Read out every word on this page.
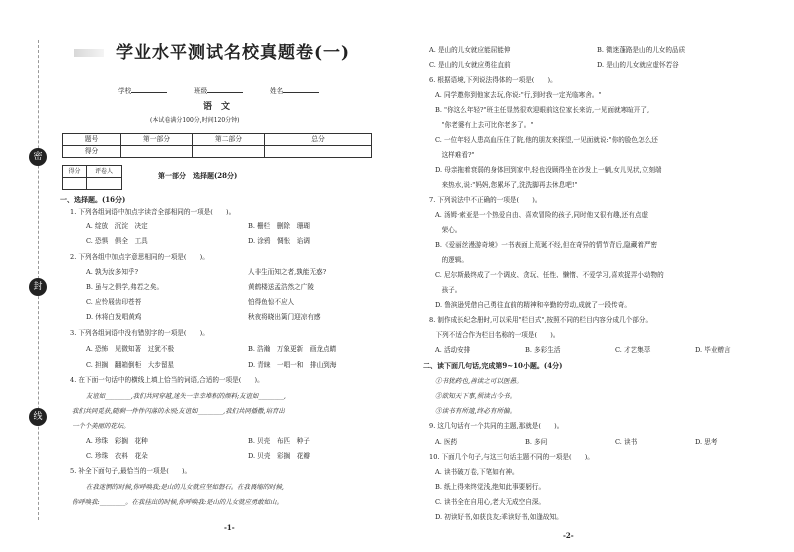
密
封
线
学业水平测试名校真题卷(一)
学校	班级	姓名
语　文
(本试卷满分100分,时间120分钟)
题号	第一部分	第二部分	总分
得分			
得分	评卷人
		第一部分　选择题(28分)
一、选择题。(16分)
1. 下列各组词语中加点字读音全部相同的一项是(　　)。
A. 绽放　沉淀　决定	B. 栅栏　删除　珊瑚
C. 恐惧　俱全　工具	D. 涂鸦　惆怅　谄调
2. 下列各组中加点字意思相同的一项是(　　)。
A. 孰为汝多知乎?	人非生而知之者,孰能无惑?
B. 虽与之俱学,弗若之矣。	黄鹤楼送孟浩然之广陵
C. 应怜屐齿印苍苔	怕得鱼惊不应人
D. 休将白发唱黄鸡	秋夜将晓出篱门迎凉有感
3. 下列各组词语中没有错别字的一项是(　　)。
A. 恐怖　见微知著　过犹不极	B. 浩瀚　万象更新　画龙点睛
C. 担搁　翻箱倒柜　大步留星	D. 青睐　一唱一和　排山到海
4. 在下面一句话中的横线上填上恰当的词语,合适的一项是(　　)。
友谊如________,我们共同穿越,迷失一幸幸堆积的颜料;友谊如________,
我们共同觅获,随剩一件件闪落的永别;友谊如________,我们共同播撒,培育出
一个个美丽的花坛。
A. 珍珠　彩搁　花种	B. 贝壳　布匹　种子
C. 珍珠　衣料　花朵	D. 贝壳　彩搁　花瓣
5. 补全下面句子,最恰当的一项是(　　)。
在我迷惘的时候,你呼唤我;是山的儿女就应坚如磐石。在我畏缩的时候,
你呼唤我:________。在我挂出的时候,你呼唤我:是山的儿女就应勇敢如山。
-1-
A. 是山的儿女就应能屈能伸	B. 微迷蓬路是山的儿女的品质
C. 是山的儿女就应勇往直前	D. 是山的儿女就应虚怀若谷
6. 根据语境,下列说法得体的一项是(　　)。
A. 同学邀你到他家去玩,你说:"行,到时我一定光临寒舍。"
B. "你这么年轻?"班主任显然很欢迎眼前这位家长来访,一见面就寒暄开了,
　"你老婆有上去可比你老多了。"
C. 一位年轻人患高血压住了院,他的朋友来探望,一见面就说:"你的脸色怎么还
　这样难看?"
D. 母亲拖着衰弱的身体回到家中,轻也没顾得坐在沙发上一躺,女儿见状,立刻端
　来热水,说:"妈妈,您累坏了,洗洗脚再去休息吧!"
7. 下列说法中不正确的一项是(　　)。
A. 汤姆·索亚是一个热爱自由、喜欢冒险的孩子,同时他又很有趣,还有点虚
　荣心。
B.《爱丽丝漫游奇境》一书表面上荒诞不经,但在奇异的情节背后,隐藏着严密
　的逻辑。
C. 尼尔斯最终成了一个调皮、贪玩、任性、懒惰、不爱学习,喜欢捉弄小动物的
　孩子。
D. 鲁滨逊凭借自己勇往直前的精神和辛勤的劳动,成就了一段传奇。
8. 制作成长纪念册时,可以采用"栏目式",按照不同的栏目内容分成几个部分。
　下列不适合作为栏目名称的一项是(　　)。
A. 活动安排	B. 多彩生活	C. 才艺集萃	D. 毕业赠言
二、读下面几句话,完成第9~10小题。(4分)
①书犹药也,善读之可以医愚。
②欲知天下事,须读古今书。
③读书有所遗,终必有所偏。
9. 这几句话有一个共同的主题,那就是(　　)。
A. 医药	B. 多问	C. 读书	D. 思考
10. 下面几个句子,与这三句话主题不同的一项是(　　)。
A. 读书破万卷,下笔如有神。
B. 纸上得来终觉浅,绝知此事要躬行。
C. 读书全在自用心,老大无成空自深。
D. 初读好书,如获良友;乖读好书,如逢故知。
-2-
